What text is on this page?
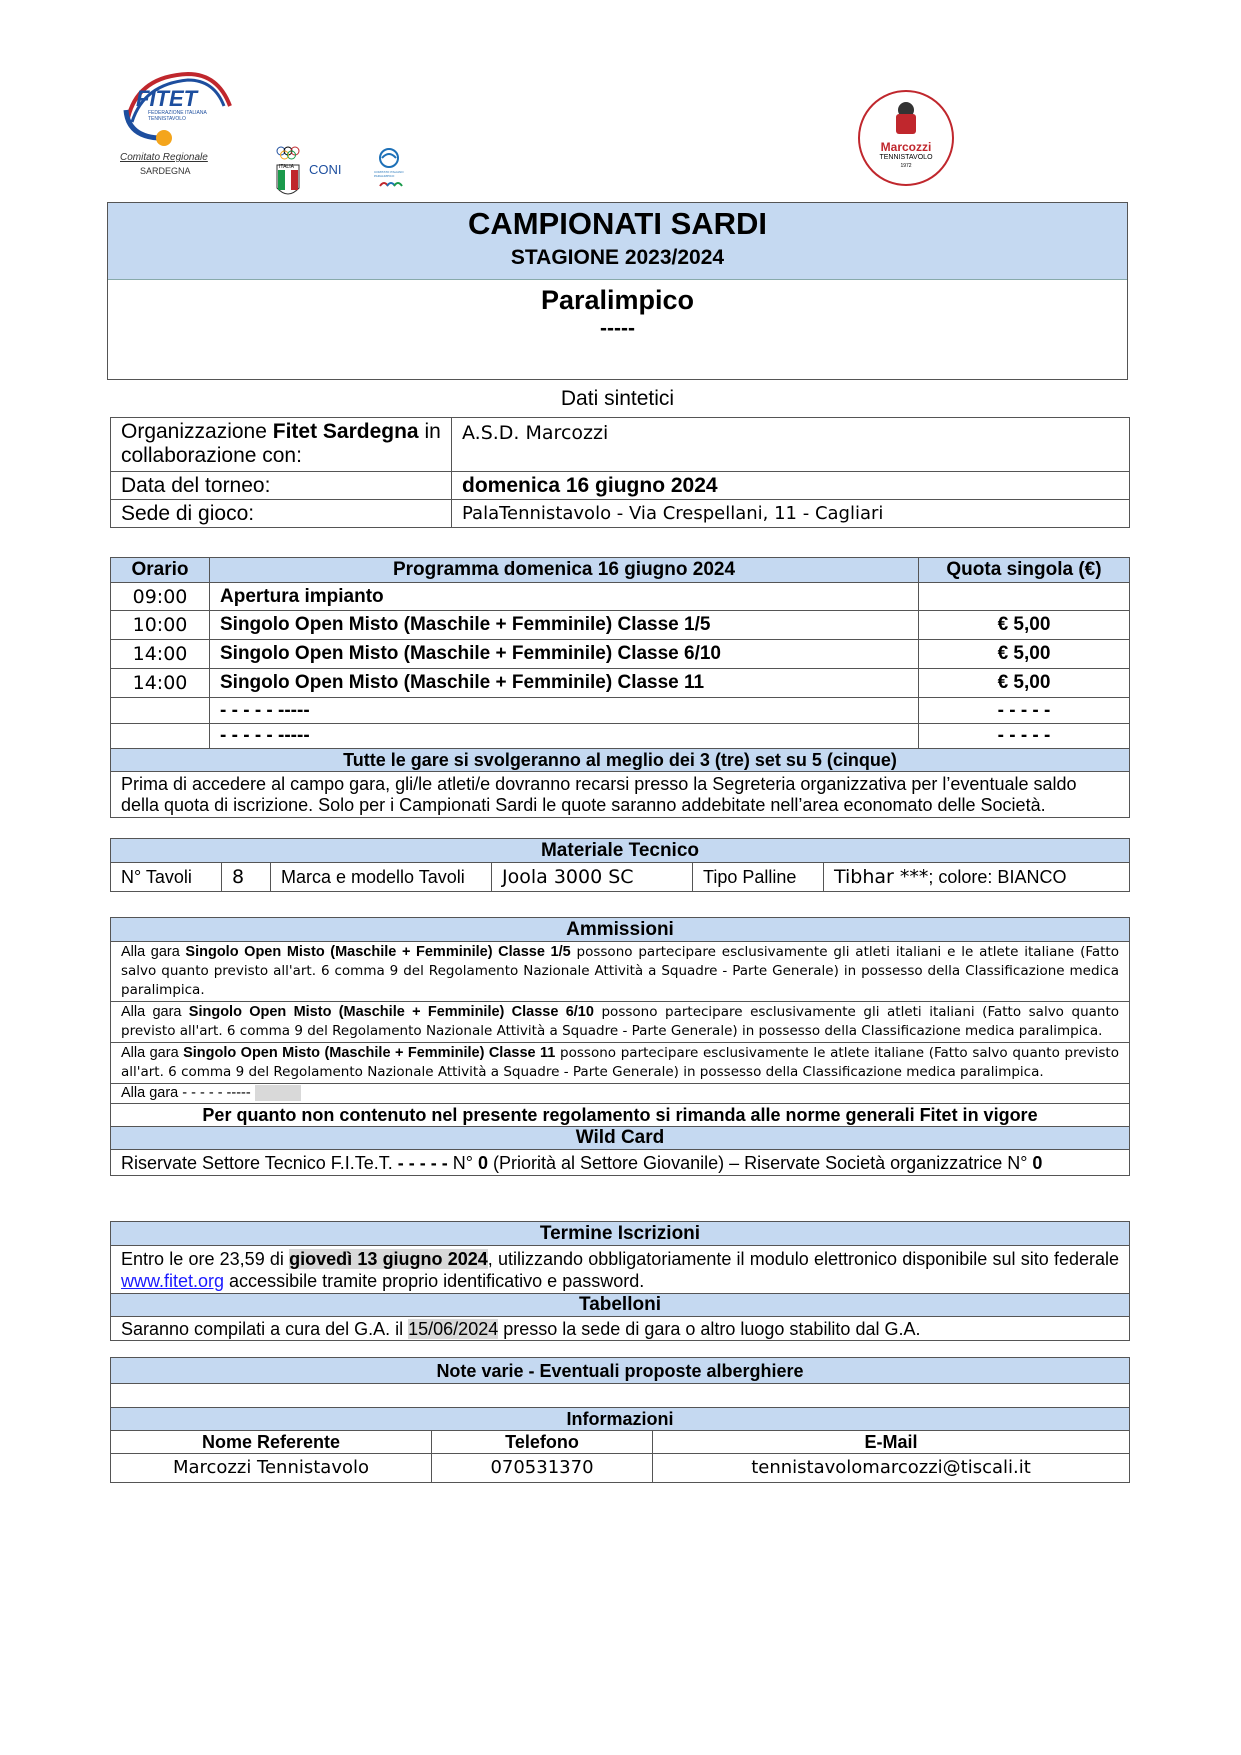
FITET
FEDERAZIONE ITALIANA TENNISTAVOLO
Comitato Regionale
SARDEGNA	ITALIA CONI	COMITATO ITALIANO PARALIMPICO
Marcozzi
TENNISTAVOLO
1972
CAMPIONATI SARDI
STAGIONE 2023/2024
Paralimpico
-----
Dati sintetici
Organizzazione Fitet Sardegna in collaborazione con:	A.S.D. Marcozzi
Data del torneo:	domenica 16 giugno 2024
Sede di gioco:	PalaTennistavolo - Via Crespellani, 11 - Cagliari
Orario	Programma domenica 16 giugno 2024	Quota singola (€)
09:00	Apertura impianto	
10:00	Singolo Open Misto (Maschile + Femminile) Classe 1/5	€ 5,00
14:00	Singolo Open Misto (Maschile + Femminile) Classe 6/10	€ 5,00
14:00	Singolo Open Misto (Maschile + Femminile) Classe 11	€ 5,00
	- - - - - -----	- - - - -
	- - - - - -----	- - - - -
Tutte le gare si svolgeranno al meglio dei 3 (tre) set su 5 (cinque)		
Prima di accedere al campo gara, gli/le atleti/e dovranno recarsi presso la Segreteria organizzativa per l’eventuale saldo della quota di iscrizione. Solo per i Campionati Sardi le quote saranno addebitate nell’area economato delle Società.		
Materiale Tecnico
N° Tavoli	8	Marca e modello Tavoli	Joola 3000 SC	Tipo Palline	Tibhar ***; colore: BIANCO
Ammissioni
Alla gara Singolo Open Misto (Maschile + Femminile) Classe 1/5 possono partecipare esclusivamente gli atleti italiani e le atlete italiane (Fatto salvo quanto previsto all'art. 6 comma 9 del Regolamento Nazionale Attività a Squadre - Parte Generale) in possesso della Classificazione medica paralimpica.
Alla gara Singolo Open Misto (Maschile + Femminile) Classe 6/10 possono partecipare esclusivamente gli atleti italiani (Fatto salvo quanto previsto all'art. 6 comma 9 del Regolamento Nazionale Attività a Squadre - Parte Generale) in possesso della Classificazione medica paralimpica.
Alla gara Singolo Open Misto (Maschile + Femminile) Classe 11 possono partecipare esclusivamente le atlete italiane (Fatto salvo quanto previsto all'art. 6 comma 9 del Regolamento Nazionale Attività a Squadre - Parte Generale) in possesso della Classificazione medica paralimpica.
Alla gara - - - - - -----
Per quanto non contenuto nel presente regolamento si rimanda alle norme generali Fitet in vigore
Wild Card
Riservate Settore Tecnico F.I.Te.T. - - - - - N° 0 (Priorità al Settore Giovanile) – Riservate Società organizzatrice N° 0
Termine Iscrizioni
Entro le ore 23,59 di giovedì 13 giugno 2024, utilizzando obbligatoriamente il modulo elettronico disponibile sul sito federale www.fitet.org accessibile tramite proprio identificativo e password.
Tabelloni
Saranno compilati a cura del G.A. il 15/06/2024 presso la sede di gara o altro luogo stabilito dal G.A.
Note varie - Eventuali proposte alberghiere		

Informazioni		
Nome Referente	Telefono	E-Mail
Marcozzi Tennistavolo	070531370	tennistavolomarcozzi@tiscali.it
